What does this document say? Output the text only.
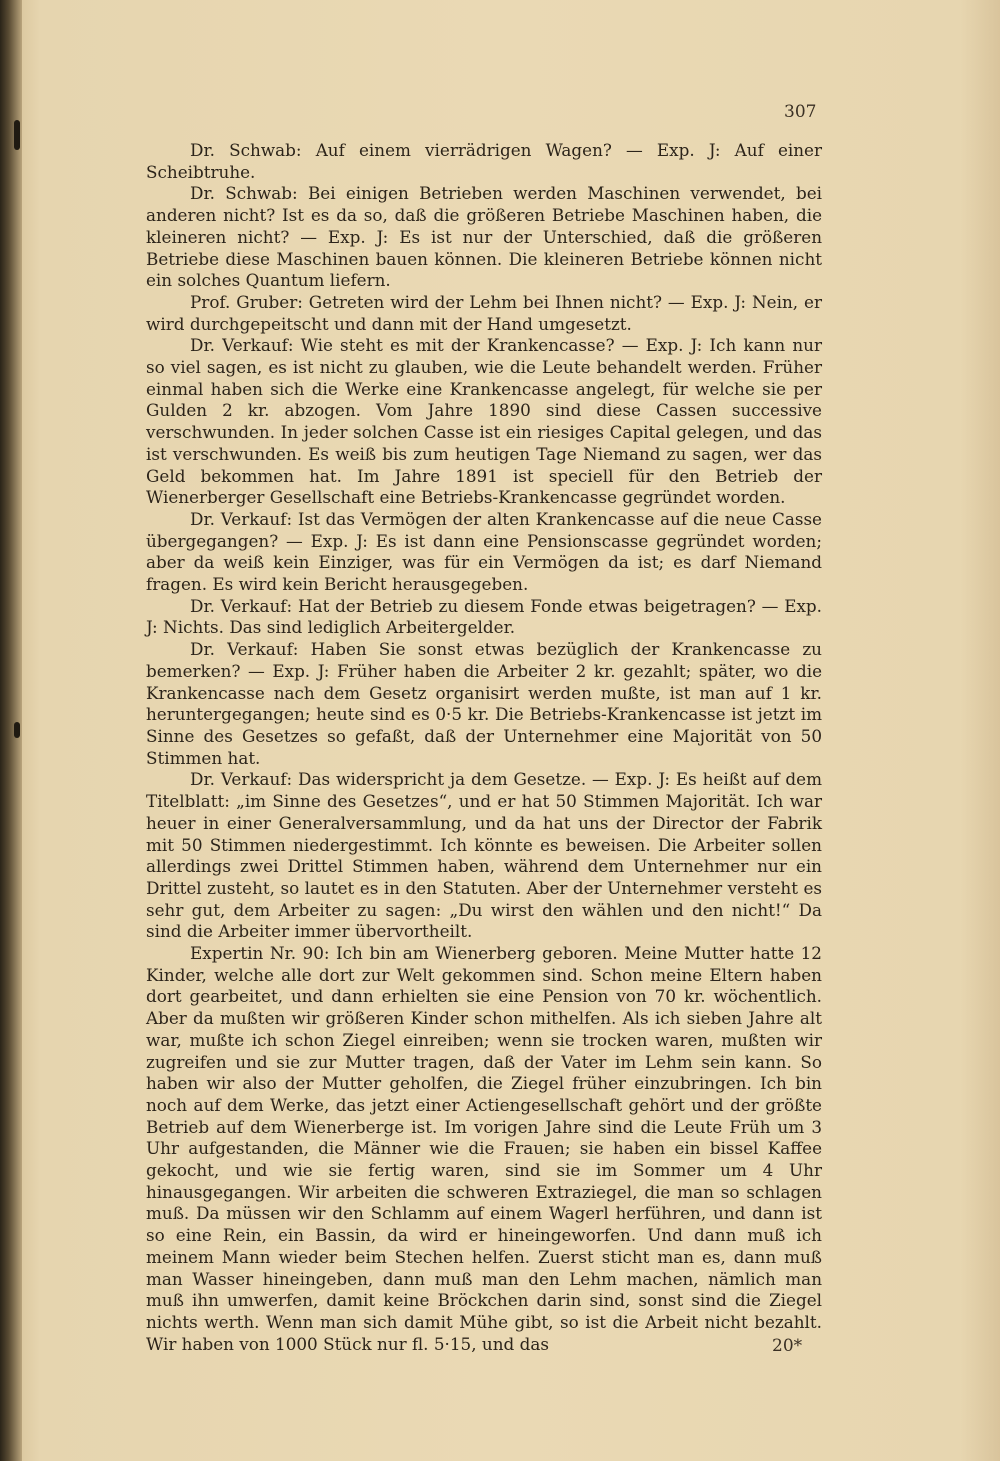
307

Dr. Schwab: Auf einem vierrädrigen Wagen? — Exp. J: Auf einer Scheibtruhe.

Dr. Schwab: Bei einigen Betrieben werden Maschinen verwendet, bei anderen nicht? Ist es da so, daß die größeren Betriebe Maschinen haben, die kleineren nicht? — Exp. J: Es ist nur der Unterschied, daß die größeren Betriebe diese Maschinen bauen können. Die kleineren Betriebe können nicht ein solches Quantum liefern.

Prof. Gruber: Getreten wird der Lehm bei Ihnen nicht? — Exp. J: Nein, er wird durchgepeitscht und dann mit der Hand umgesetzt.

Dr. Verkauf: Wie steht es mit der Krankencasse? — Exp. J: Ich kann nur so viel sagen, es ist nicht zu glauben, wie die Leute behandelt werden. Früher einmal haben sich die Werke eine Krankencasse angelegt, für welche sie per Gulden 2 kr. abzogen. Vom Jahre 1890 sind diese Cassen successive verschwunden. In jeder solchen Casse ist ein riesiges Capital gelegen, und das ist verschwunden. Es weiß bis zum heutigen Tage Niemand zu sagen, wer das Geld bekommen hat. Im Jahre 1891 ist speciell für den Betrieb der Wienerberger Gesellschaft eine Betriebs-Krankencasse gegründet worden.

Dr. Verkauf: Ist das Vermögen der alten Krankencasse auf die neue Casse übergegangen? — Exp. J: Es ist dann eine Pensionscasse gegründet worden; aber da weiß kein Einziger, was für ein Vermögen da ist; es darf Niemand fragen. Es wird kein Bericht herausgegeben.

Dr. Verkauf: Hat der Betrieb zu diesem Fonde etwas beigetragen? — Exp. J: Nichts. Das sind lediglich Arbeitergelder.

Dr. Verkauf: Haben Sie sonst etwas bezüglich der Krankencasse zu bemerken? — Exp. J: Früher haben die Arbeiter 2 kr. gezahlt; später, wo die Krankencasse nach dem Gesetz organisirt werden mußte, ist man auf 1 kr. heruntergegangen; heute sind es 0·5 kr. Die Betriebs-Krankencasse ist jetzt im Sinne des Gesetzes so gefaßt, daß der Unternehmer eine Majorität von 50 Stimmen hat.

Dr. Verkauf: Das widerspricht ja dem Gesetze. — Exp. J: Es heißt auf dem Titelblatt: „im Sinne des Gesetzes“, und er hat 50 Stimmen Majorität. Ich war heuer in einer Generalversammlung, und da hat uns der Director der Fabrik mit 50 Stimmen niedergestimmt. Ich könnte es beweisen. Die Arbeiter sollen allerdings zwei Drittel Stimmen haben, während dem Unternehmer nur ein Drittel zusteht, so lautet es in den Statuten. Aber der Unternehmer versteht es sehr gut, dem Arbeiter zu sagen: „Du wirst den wählen und den nicht!“ Da sind die Arbeiter immer übervortheilt.

Expertin Nr. 90: Ich bin am Wienerberg geboren. Meine Mutter hatte 12 Kinder, welche alle dort zur Welt gekommen sind. Schon meine Eltern haben dort gearbeitet, und dann erhielten sie eine Pension von 70 kr. wöchentlich. Aber da mußten wir größeren Kinder schon mithelfen. Als ich sieben Jahre alt war, mußte ich schon Ziegel einreiben; wenn sie trocken waren, mußten wir zugreifen und sie zur Mutter tragen, daß der Vater im Lehm sein kann. So haben wir also der Mutter geholfen, die Ziegel früher einzubringen. Ich bin noch auf dem Werke, das jetzt einer Actiengesellschaft gehört und der größte Betrieb auf dem Wienerberge ist. Im vorigen Jahre sind die Leute Früh um 3 Uhr aufgestanden, die Männer wie die Frauen; sie haben ein bissel Kaffee gekocht, und wie sie fertig waren, sind sie im Sommer um 4 Uhr hinausgegangen. Wir arbeiten die schweren Extraziegel, die man so schlagen muß. Da müssen wir den Schlamm auf einem Wagerl herführen, und dann ist so eine Rein, ein Bassin, da wird er hineingeworfen. Und dann muß ich meinem Mann wieder beim Stechen helfen. Zuerst sticht man es, dann muß man Wasser hineingeben, dann muß man den Lehm machen, nämlich man muß ihn umwerfen, damit keine Bröckchen darin sind, sonst sind die Ziegel nichts werth. Wenn man sich damit Mühe gibt, so ist die Arbeit nicht bezahlt. Wir haben von 1000 Stück nur fl. 5·15, und das	20*
